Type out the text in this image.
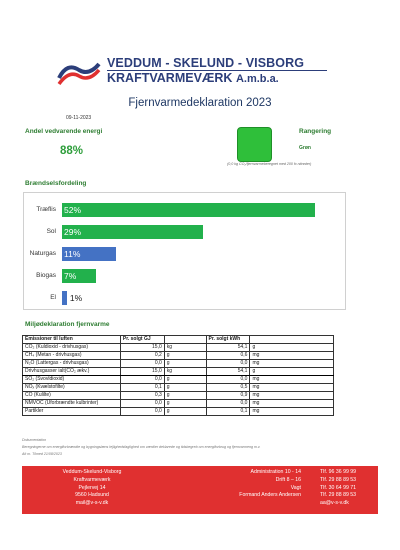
VEDDUM - SKELUND - VISBORG
KRAFTVARMEVÆRK A.m.b.a.
Fjernvarmedeklaration 2023
09-11-2023
Andel vedvarende energi
88%
Rangering
Grøn
(0,0 kg CO₂/fjernvarmeberegnet med 200 fx nitrøder)
Brændselsfordeling
Træflis 52%
Sol 29%
Naturgas 11%
Biogas 7%
El 1%
Miljødeklaration fjernvarme
Emissioner til luften	Pr. solgt GJ		Pr. solgt kWh	
CO₂ (Kuldioxid - drivhusgas)	15,0	kg	54,1	g
CH₄ (Metan - drivhusgas)	0,2	g	0,6	mg
N₂O (Lattergas - drivhusgas)	0,0	g	0,0	mg
Drivhusgasser ialt(CO₂ ækv.)	15,0	kg	54,1	g
SO₂ (Svovldioxid)	0,0	g	0,0	mg
NOₓ (Kvælstofilte)	0,1	g	0,5	mg
CO (Kulilte)	0,3	g	0,9	mg
NMVOC (Uforbrændte kulbrinter)	0,0	g	0,0	mg
Partikler	0,0	g	0,1	mg
Dokumentation
Beregningerne om energiforbrændte og bygningslæns lejlighedsfaglighed om værdier deklarede og tidsbegreb om energiforbrug og fjernvarmeng m.v.
Alt m. Tilmed 21/08/2023
Veddum-Skelund-Visborg
Kraftvarmeværk
Pejlervej 14
9560 Hadsund
mail@v-s-v.dk
Administration 10 - 14
Drift 8 – 16
Vagt
Formand Anders Andersen
Tlf. 96 36 99 99
Tlf. 29 88 89 53
Tlf. 30 64 99 71
Tlf. 29 88 89 53
aa@v-s-v.dk
